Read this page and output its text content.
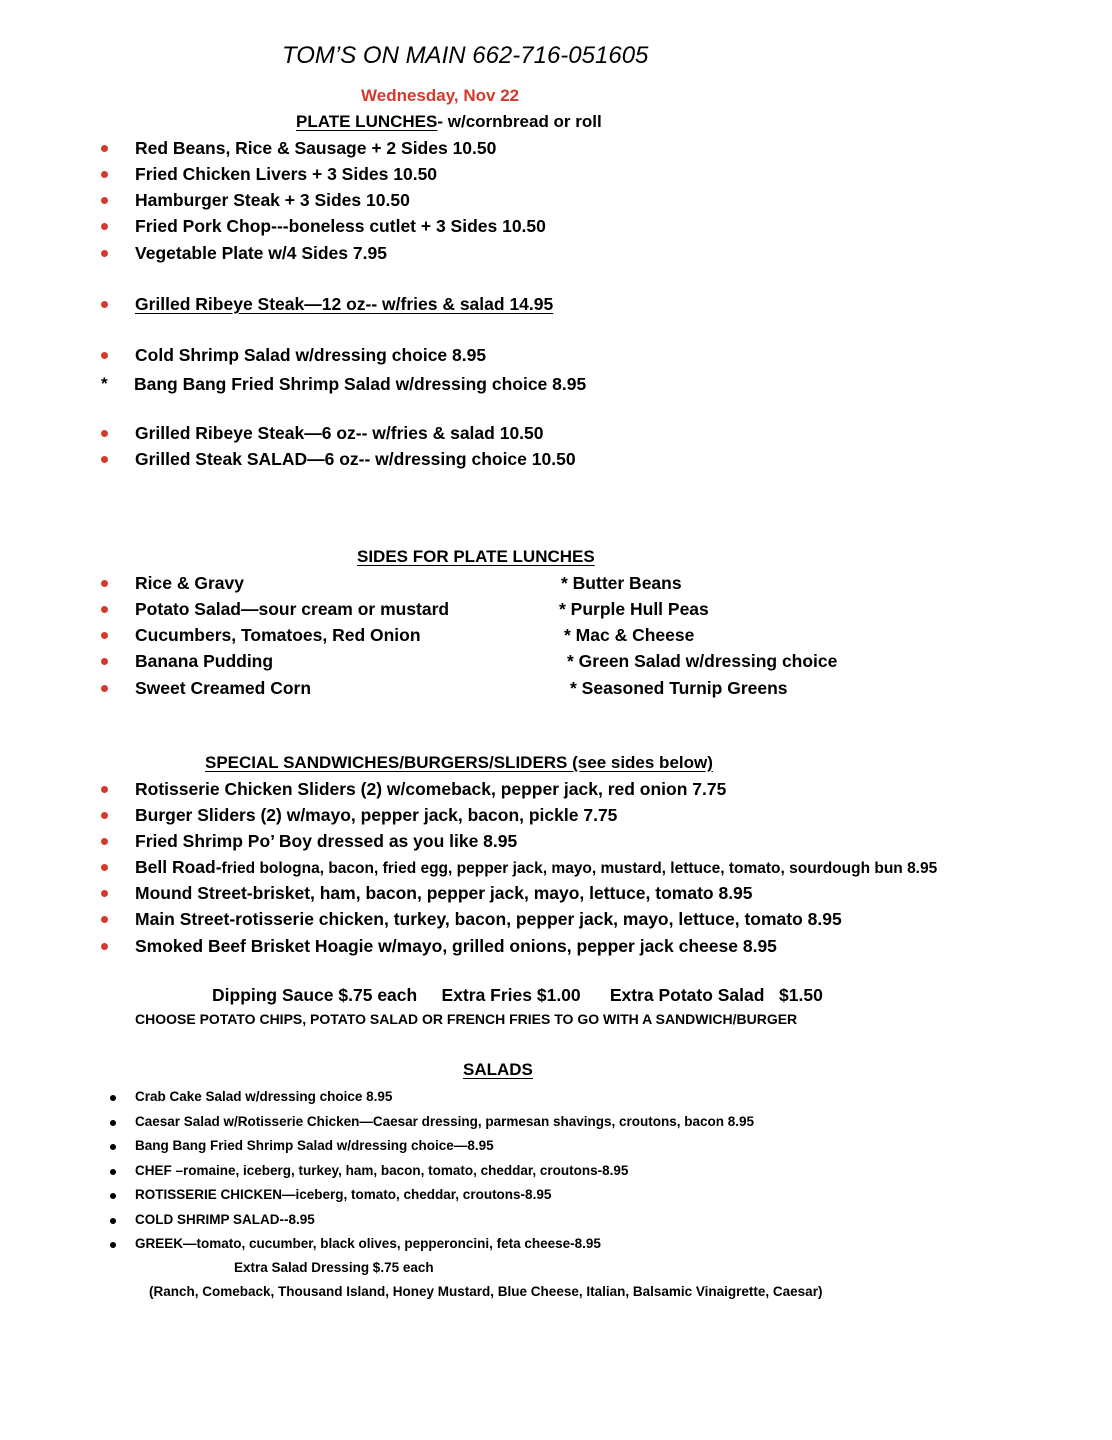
TOM’S ON MAIN 662-716-051605
Wednesday, Nov 22
PLATE LUNCHES- w/cornbread or roll
Red Beans, Rice & Sausage + 2 Sides 10.50
Fried Chicken Livers + 3 Sides 10.50
Hamburger Steak + 3 Sides 10.50
Fried Pork Chop---boneless cutlet + 3 Sides 10.50
Vegetable Plate w/4 Sides 7.95
Grilled Ribeye Steak—12 oz-- w/fries & salad 14.95
Cold Shrimp Salad w/dressing choice 8.95
* Bang Bang Fried Shrimp Salad w/dressing choice 8.95
Grilled Ribeye Steak—6 oz-- w/fries & salad 10.50
Grilled Steak SALAD—6 oz-- w/dressing choice 10.50
SIDES FOR PLATE LUNCHES
Rice & Gravy
Potato Salad—sour cream or mustard
Cucumbers, Tomatoes, Red Onion
Banana Pudding
Sweet Creamed Corn
* Butter Beans
* Purple Hull Peas
* Mac & Cheese
* Green Salad w/dressing choice
* Seasoned Turnip Greens
SPECIAL SANDWICHES/BURGERS/SLIDERS (see sides below)
Rotisserie Chicken Sliders (2) w/comeback, pepper jack, red onion 7.75
Burger Sliders (2) w/mayo, pepper jack, bacon, pickle 7.75
Fried Shrimp Po’ Boy dressed as you like 8.95
Bell Road-fried bologna, bacon, fried egg, pepper jack, mayo, mustard, lettuce, tomato, sourdough bun 8.95
Mound Street-brisket, ham, bacon, pepper jack, mayo, lettuce, tomato 8.95
Main Street-rotisserie chicken, turkey, bacon, pepper jack, mayo, lettuce, tomato 8.95
Smoked Beef Brisket Hoagie w/mayo, grilled onions, pepper jack cheese 8.95
Dipping Sauce $.75 each     Extra Fries $1.00      Extra Potato Salad   $1.50
CHOOSE POTATO CHIPS, POTATO SALAD OR FRENCH FRIES TO GO WITH A SANDWICH/BURGER
SALADS
Crab Cake Salad w/dressing choice 8.95
Caesar Salad w/Rotisserie Chicken—Caesar dressing, parmesan shavings, croutons, bacon 8.95
Bang Bang Fried Shrimp Salad w/dressing choice—8.95
CHEF –romaine, iceberg, turkey, ham, bacon, tomato, cheddar, croutons-8.95
ROTISSERIE CHICKEN—iceberg, tomato, cheddar, croutons-8.95
COLD SHRIMP SALAD--8.95
GREEK—tomato, cucumber, black olives, pepperoncini, feta cheese-8.95
Extra Salad Dressing $.75 each
(Ranch, Comeback, Thousand Island, Honey Mustard, Blue Cheese, Italian, Balsamic Vinaigrette, Caesar)
